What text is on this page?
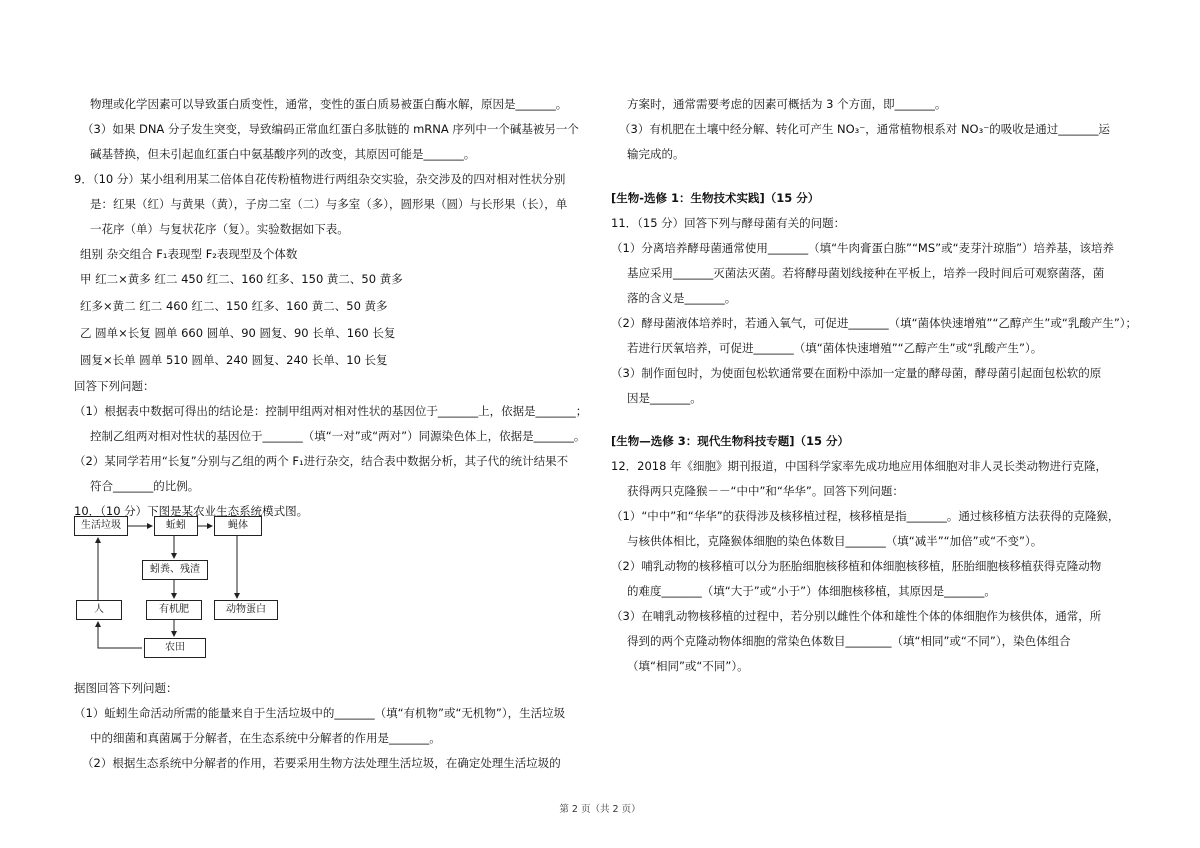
生活垃圾	蚯蚓	蝇体
蚓粪、残渣
人	有机肥	动物蛋白
农田
第 2 页（共 2 页）
物理或化学因素可以导致蛋白质变性，通常，变性的蛋白质易被蛋白酶水解，原因是_______。
（3）如果 DNA 分子发生突变，导致编码正常血红蛋白多肽链的 mRNA 序列中一个碱基被另一个
碱基替换，但未引起血红蛋白中氨基酸序列的改变，其原因可能是_______。
9．（10 分）某小组利用某二倍体自花传粉植物进行两组杂交实验，杂交涉及的四对相对性状分别
是：红果（红）与黄果（黄），子房二室（二）与多室（多），圆形果（圆）与长形果（长），单
一花序（单）与复状花序（复）。实验数据如下表。
组别 杂交组合 F₁表现型 F₂表现型及个体数
甲 红二×黄多 红二 450 红二、160 红多、150 黄二、50 黄多
红多×黄二 红二 460 红二、150 红多、160 黄二、50 黄多
乙 圆单×长复 圆单 660 圆单、90 圆复、90 长单、160 长复
圆复×长单 圆单 510 圆单、240 圆复、240 长单、10 长复
回答下列问题：
（1）根据表中数据可得出的结论是：控制甲组两对相对性状的基因位于_______上，依据是_______；
控制乙组两对相对性状的基因位于_______（填“一对”或“两对”）同源染色体上，依据是_______。
（2）某同学若用“长复”分别与乙组的两个 F₁进行杂交，结合表中数据分析，其子代的统计结果不
符合_______的比例。
10．（10 分）下图是某农业生态系统模式图。
据图回答下列问题：
（1）蚯蚓生命活动所需的能量来自于生活垃圾中的_______（填“有机物”或“无机物”），生活垃圾
中的细菌和真菌属于分解者，在生态系统中分解者的作用是_______。
（2）根据生态系统中分解者的作用，若要采用生物方法处理生活垃圾，在确定处理生活垃圾的
方案时，通常需要考虑的因素可概括为 3 个方面，即_______。
（3）有机肥在土壤中经分解、转化可产生 NO₃⁻，通常植物根系对 NO₃⁻的吸收是通过_______运
输完成的。
[生物-选修 1：生物技术实践]（15 分）
11．（15 分）回答下列与酵母菌有关的问题：
（1）分离培养酵母菌通常使用_______（填“牛肉膏蛋白胨”“MS”或“麦芽汁琼脂”）培养基，该培养
基应采用_______灭菌法灭菌。若将酵母菌划线接种在平板上，培养一段时间后可观察菌落，菌
落的含义是_______。
（2）酵母菌液体培养时，若通入氧气，可促进_______（填“菌体快速增殖”“乙醇产生”或“乳酸产生”）；
若进行厌氧培养，可促进_______（填“菌体快速增殖”“乙醇产生”或“乳酸产生”）。
（3）制作面包时，为使面包松软通常要在面粉中添加一定量的酵母菌，酵母菌引起面包松软的原
因是_______。
[生物—选修 3：现代生物科技专题]（15 分）
12．2018 年《细胞》期刊报道，中国科学家率先成功地应用体细胞对非人灵长类动物进行克隆，
获得两只克隆猴－－“中中”和“华华”。回答下列问题：
（1）“中中”和“华华”的获得涉及核移植过程，核移植是指_______。通过核移植方法获得的克隆猴，
与核供体相比，克隆猴体细胞的染色体数目_______（填“减半”“加倍”或“不变”）。
（2）哺乳动物的核移植可以分为胚胎细胞核移植和体细胞核移植，胚胎细胞核移植获得克隆动物
的难度_______（填“大于”或“小于”）体细胞核移植，其原因是_______。
（3）在哺乳动物核移植的过程中，若分别以雌性个体和雄性个体的体细胞作为核供体，通常，所
得到的两个克隆动物体细胞的常染色体数目________（填“相同”或“不同”），染色体组合
（填“相同”或“不同”）。
